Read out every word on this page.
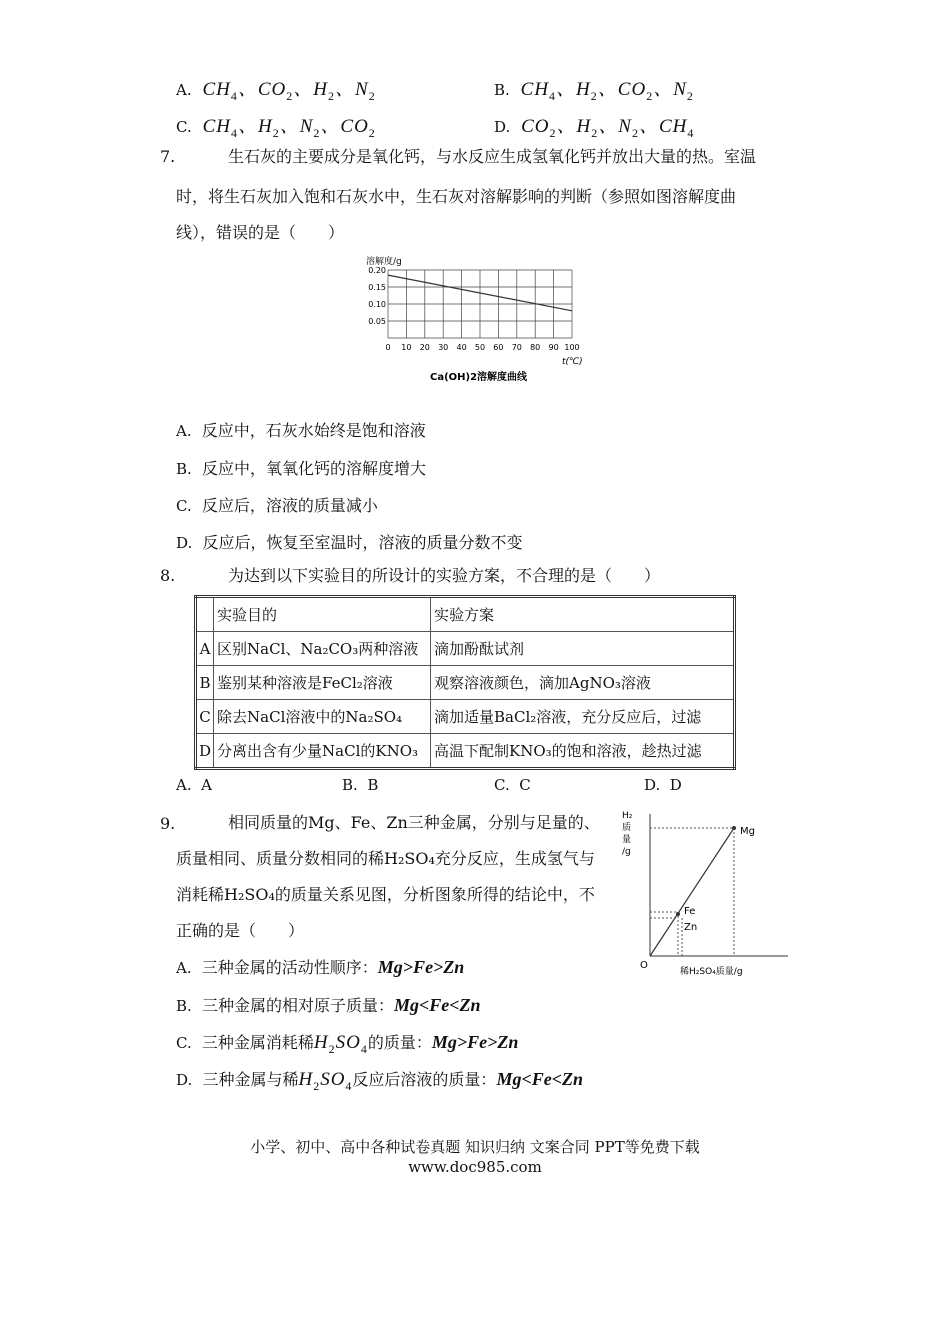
A.  $CH_4$、$CO_2$、$H_2$、$N_2$	B.  $CH_4$、$H_2$、$CO_2$、$N_2$
C.  $CH_4$、$H_2$、$N_2$、$CO_2$	D.  $CO_2$、$H_2$、$N_2$、$CH_4$
7.	生石灰的主要成分是氧化钙，与水反应生成氢氧化钙并放出大量的热。室温
时，将生石灰加入饱和石灰水中，生石灰对溶解影响的判断（参照如图溶解度曲
线），错误的是（　　）
溶解度/g
0 10 20 30 40 50 60 70 80 90 100
0.05
0.10
0.15
0.20
t(℃)
Ca(OH)2溶解度曲线
A. 反应中，石灰水始终是饱和溶液
B. 反应中，氧氧化钙的溶解度增大
C. 反应后，溶液的质量减小
D. 反应后，恢复至室温时，溶液的质量分数不变
8.	为达到以下实验目的所设计的实验方案，不合理的是（　　）
	实验目的	实验方案
A	区别NaCl、Na₂CO₃两种溶液	滴加酚酞试剂
B	鉴别某种溶液是FeCl₂溶液	观察溶液颜色，滴加AgNO₃溶液
C	除去NaCl溶液中的Na₂SO₄	滴加适量BaCl₂溶液，充分反应后，过滤
D	分离出含有少量NaCl的KNO₃	高温下配制KNO₃的饱和溶液，趁热过滤
A.  A	B.  B	C.  C	D.  D
9.	相同质量的Mg、Fe、Zn三种金属，分别与足量的、
质量相同、质量分数相同的稀H₂SO₄充分反应，生成氢气与
消耗稀H₂SO₄的质量关系见图，分析图象所得的结论中，不
正确的是（　　）
H₂
质
量
/g
Mg
Fe
Zn
O
稀H₂SO₄质量/g
A. 三种金属的活动性顺序：Mg>Fe>Zn
B. 三种金属的相对原子质量：Mg<Fe<Zn
C. 三种金属消耗稀$H_2SO_4$的质量：Mg>Fe>Zn
D. 三种金属与稀$H_2SO_4$反应后溶液的质量：Mg<Fe<Zn
小学、初中、高中各种试卷真题 知识归纳 文案合同 PPT等免费下载
www.doc985.com
